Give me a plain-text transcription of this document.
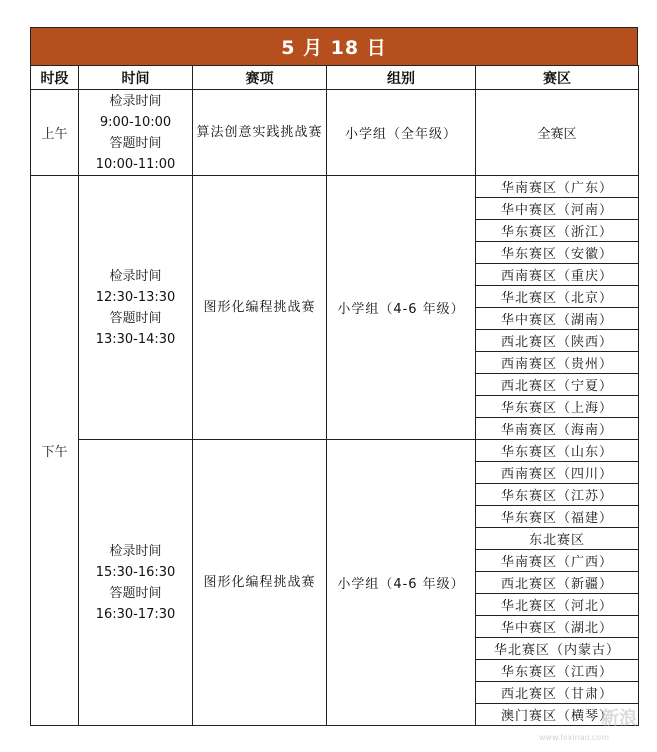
5 月 18 日
时段	时间	赛项	组别	赛区
上午	检录时间
9:00-10:00
答题时间
10:00-11:00	算法创意实践挑战赛	小学组（全年级）	全赛区
下午	检录时间
12:30-13:30
答题时间
13:30-14:30	图形化编程挑战赛	小学组（4-6 年级）	华南赛区（广东）
				华中赛区（河南）
				华东赛区（浙江）
				华东赛区（安徽）
				西南赛区（重庆）
				华北赛区（北京）
				华中赛区（湖南）
				西北赛区（陕西）
				西南赛区（贵州）
				西北赛区（宁夏）
				华东赛区（上海）
				华南赛区（海南）

	检录时间
15:30-16:30
答题时间
16:30-17:30	图形化编程挑战赛	小学组（4-6 年级）	华东赛区（山东）
				西南赛区（四川）
				华东赛区（江苏）
				华东赛区（福建）
				东北赛区
				华南赛区（广西）
				西北赛区（新疆）
				华北赛区（河北）
				华中赛区（湖北）
				华北赛区（内蒙古）
				华东赛区（江西）
				西北赛区（甘肃）
				澳门赛区（横琴）
新浪
www.hixinao.com
